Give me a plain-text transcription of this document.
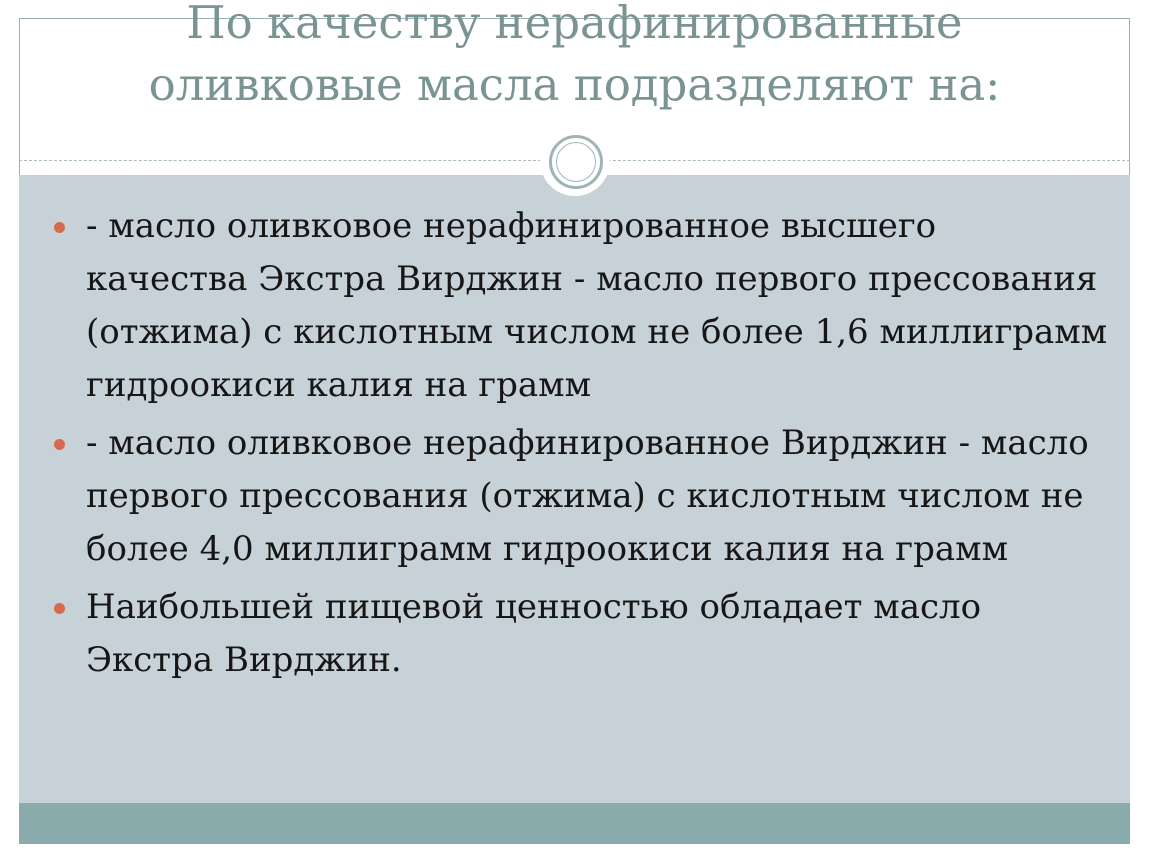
По качеству нерафинированные
оливковые масла подразделяют на:
- масло оливковое нерафинированное высшего качества Экстра Вирджин - масло первого прессования (отжима) с кислотным числом не более 1,6 миллиграмм гидроокиси калия на грамм
- масло оливковое нерафинированное Вирджин - масло первого прессования (отжима) с кислотным числом не более 4,0 миллиграмм гидроокиси калия на грамм
Наибольшей пищевой ценностью обладает масло Экстра Вирджин.
